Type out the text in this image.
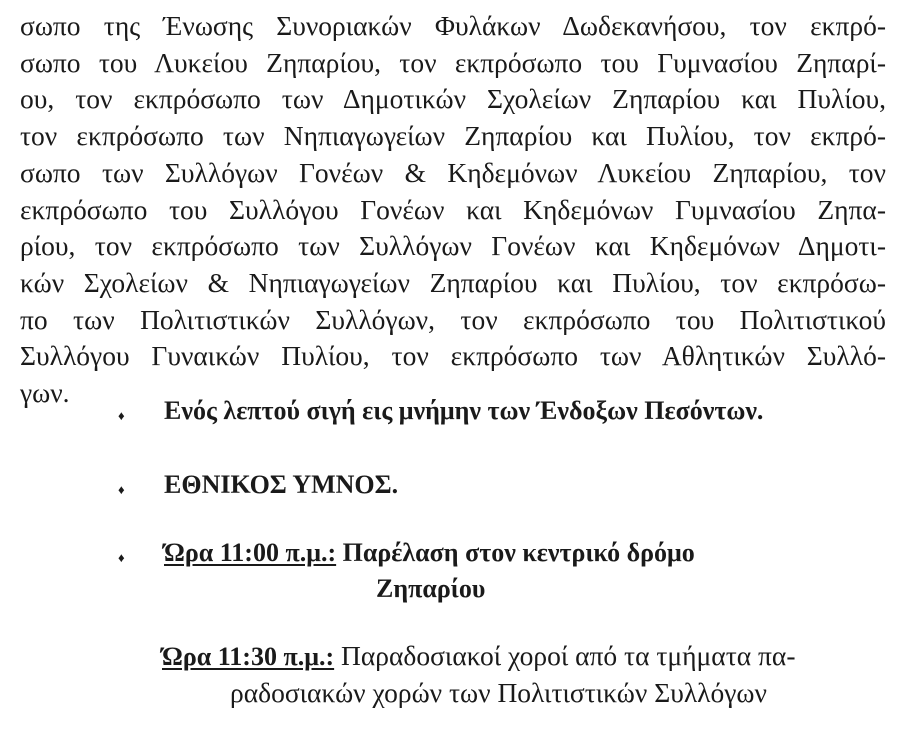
σωπο της Ένωσης Συνοριακών Φυλάκων Δωδεκανήσου, τον εκπρό-
σωπο του Λυκείου Ζηπαρίου, τον εκπρόσωπο του Γυμνασίου Ζηπαρί-
ου, τον εκπρόσωπο των Δημοτικών Σχολείων Ζηπαρίου και Πυλίου,
τον εκπρόσωπο των Νηπιαγωγείων Ζηπαρίου και Πυλίου, τον εκπρό-
σωπο των Συλλόγων Γονέων & Κηδεμόνων Λυκείου Ζηπαρίου, τον
εκπρόσωπο του Συλλόγου Γονέων και Κηδεμόνων Γυμνασίου Ζηπα-
ρίου, τον εκπρόσωπο των Συλλόγων Γονέων και Κηδεμόνων Δημοτι-
κών Σχολείων & Νηπιαγωγείων Ζηπαρίου και Πυλίου, τον εκπρόσω-
πο των Πολιτιστικών Συλλόγων, τον εκπρόσωπο του Πολιτιστικού
Συλλόγου Γυναικών Πυλίου, τον εκπρόσωπο των Αθλητικών Συλλό-
γων.
♦ Ενός λεπτού σιγή εις μνήμην των Ένδοξων Πεσόντων.
♦ ΕΘΝΙΚΟΣ ΥΜΝΟΣ.
♦ Ώρα 11:00 π.μ.: Παρέλαση στον κεντρικό δρόμο
Ζηπαρίου
Ώρα 11:30 π.μ.: Παραδοσιακοί χοροί από τα τμήματα πα-
ραδοσιακών χορών των Πολιτιστικών Συλλόγων
